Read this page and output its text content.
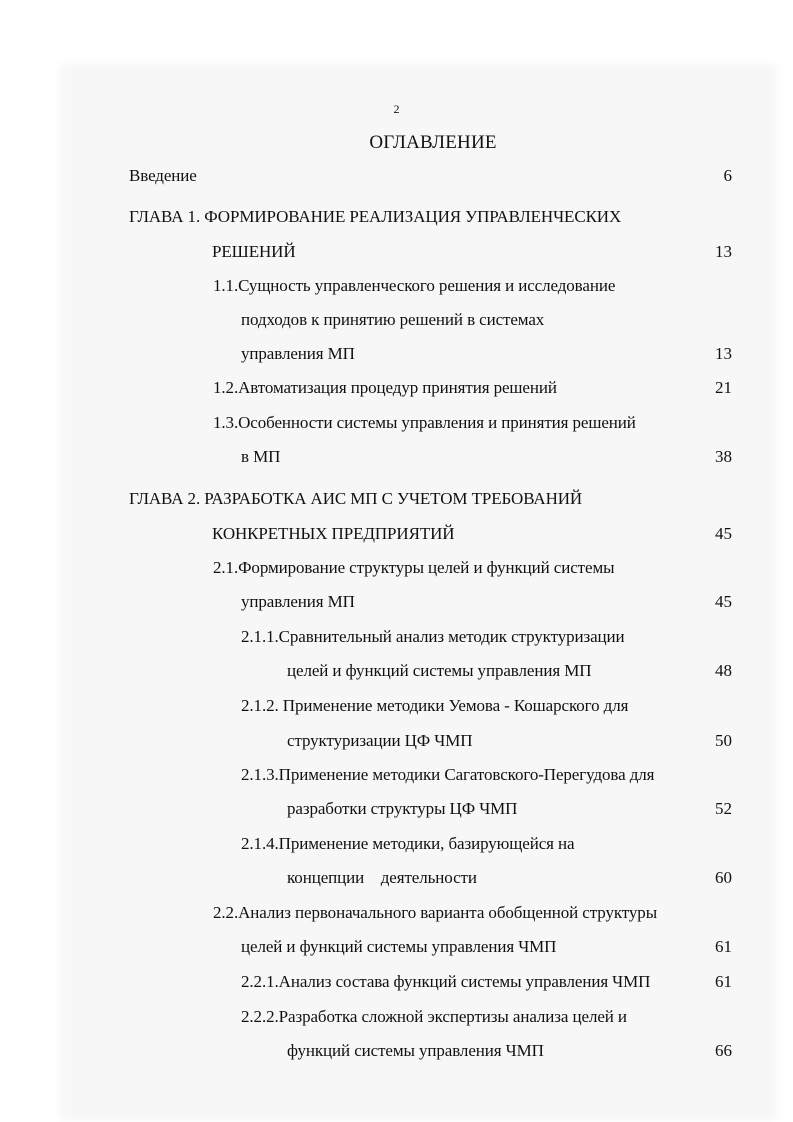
2
ОГЛАВЛЕНИЕ
Введение	6
ГЛАВА 1. ФОРМИРОВАНИЕ РЕАЛИЗАЦИЯ УПРАВЛЕНЧЕСКИХ
РЕШЕНИЙ	13
1.1.Сущность управленческого решения и исследование
подходов к принятию решений в системах
управления МП	13
1.2.Автоматизация процедур принятия решений	21
1.3.Особенности системы управления и принятия решений
в МП	38
ГЛАВА 2. РАЗРАБОТКА АИС МП С УЧЕТОМ ТРЕБОВАНИЙ
КОНКРЕТНЫХ ПРЕДПРИЯТИЙ	45
2.1.Формирование структуры целей и функций системы
управления МП	45
2.1.1.Сравнительный анализ методик структуризации
целей и функций системы управления МП	48
2.1.2. Применение методики Уемова - Кошарского для
структуризации ЦФ ЧМП	50
2.1.3.Применение методики Сагатовского-Перегудова для
разработки структуры ЦФ ЧМП	52
2.1.4.Применение методики, базирующейся на
концепции    деятельности	60
2.2.Анализ первоначального варианта обобщенной структуры
целей и функций системы управления ЧМП	61
2.2.1.Анализ состава функций системы управления ЧМП	61
2.2.2.Разработка сложной экспертизы анализа целей и
функций системы управления ЧМП	66
